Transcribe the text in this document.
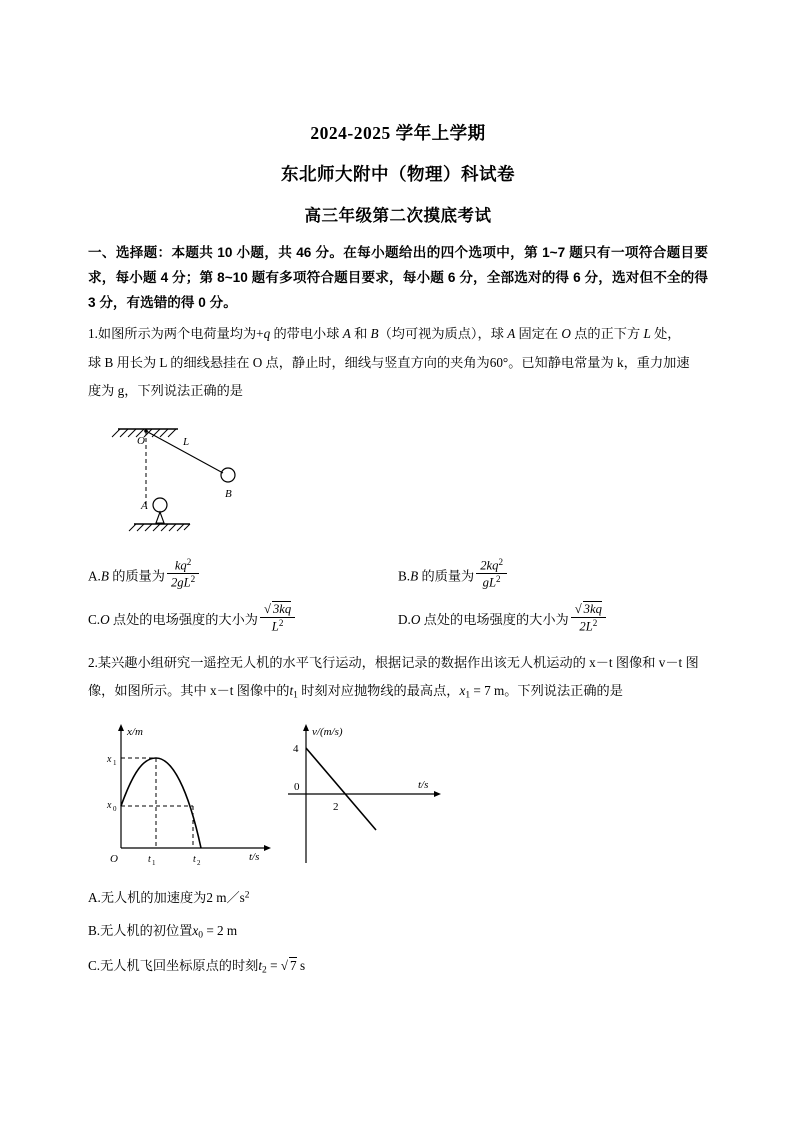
2024-2025 学年上学期
东北师大附中（物理）科试卷
高三年级第二次摸底考试
一、选择题：本题共 10 小题，共 46 分。在每小题给出的四个选项中，第 1~7 题只有一项符合题目要求，每小题 4 分；第 8~10 题有多项符合题目要求，每小题 6 分，全部选对的得 6 分，选对但不全的得 3 分，有选错的得 0 分。
1.如图所示为两个电荷量均为+q 的带电小球 A 和 B（均可视为质点），球 A 固定在 O 点的正下方 L 处，
球 B 用长为 L 的细线悬挂在 O 点，静止时，细线与竖直方向的夹角为60°。已知静电常量为 k，重力加速
度为 g，下列说法正确的是
O	L
B
A
A.B 的质量为 $\frac{kq^2}{2gL^2}$	B.B 的质量为 $\frac{2kq^2}{gL^2}$
C.O 点处的电场强度的大小为 $\frac{√ 3kq}{L^2}$	D.O 点处的电场强度的大小为 $\frac{√ 3kq}{2L^2}$
2.某兴趣小组研究一遥控无人机的水平飞行运动，根据记录的数据作出该无人机运动的 x－t 图像和 v－t 图
像，如图所示。其中 x－t 图像中的$t_1$ 时刻对应抛物线的最高点，$x_1 = 7$ m。下列说法正确的是
x/m
t/s
x 1
x 0
O	t 1	t 2
v/(m/s)
t/s
4
0
2
A.无人机的加速度为2 $m/s^2$
B.无人机的初位置$x_0 = 2$ m
C.无人机飞回坐标原点的时刻$t_2$ = √ 7 s
